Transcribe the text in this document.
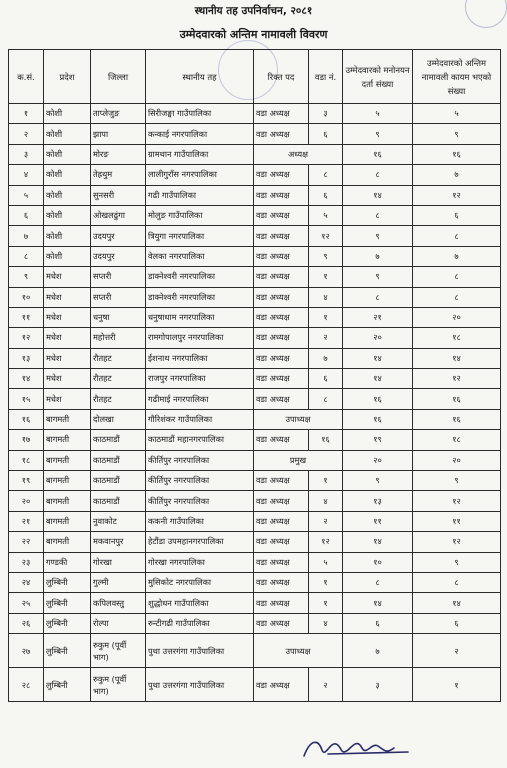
स्थानीय तह उपनिर्वाचन, २०८१
उम्मेदवारको अन्तिम नामावली विवरण
क.सं.	प्रदेश	जिल्ला	स्थानीय तह	रिक्त पद	वडा नं.	उम्मेदवारको मनोनयन दर्ता संख्या	उम्मेदवारको अन्तिम नामावली कायम भएको संख्या
१	कोशी	ताप्लेजुङ	सिरीजङ्घा गाउँपालिका	वडा अध्यक्ष	३	५	५
२	कोशी	झापा	कन्काई नगरपालिका	वडा अध्यक्ष	६	९	९
३	कोशी	मोरङ	ग्रामथान गाउँपालिका	अध्यक्ष		१६	१६
४	कोशी	तेह्रथुम	लालीगुराँस नगरपालिका	वडा अध्यक्ष	८	८	७
५	कोशी	सुनसरी	गढी गाउँपालिका	वडा अध्यक्ष	६	१४	१२
६	कोशी	ओखलढुंगा	मोलुङ गाउँपालिका	वडा अध्यक्ष	५	८	६
७	कोशी	उदयपुर	त्रियुगा नगरपालिका	वडा अध्यक्ष	१२	९	८
८	कोशी	उदयपुर	वेलका नगरपालिका	वडा अध्यक्ष	९	७	७
९	मधेश	सप्तरी	डाक्नेश्वरी नगरपालिका	वडा अध्यक्ष	१	९	८
१०	मधेश	सप्तरी	डाक्नेश्वरी नगरपालिका	वडा अध्यक्ष	४	८	८
११	मधेश	धनुषा	धनुषाधाम नगरपालिका	वडा अध्यक्ष	१	२१	२०
१२	मधेश	महोत्तरी	रामगोपालपुर नगरपालिका	वडा अध्यक्ष	२	२०	१८
१३	मधेश	रौतहट	ईशनाथ नगरपालिका	वडा अध्यक्ष	७	१४	१४
१४	मधेश	रौतहट	राजपुर नगरपालिका	वडा अध्यक्ष	६	१४	१२
१५	मधेश	रौतहट	गढीमाई नगरपालिका	वडा अध्यक्ष	८	१६	१६
१६	बागमती	दोलखा	गौरिशंकर गाउँपालिका	उपाध्यक्ष		१६	१६
१७	बागमती	काठमाडौं	काठमाडौं महानगरपालिका	वडा अध्यक्ष	१६	१९	१८
१८	बागमती	काठमाडौं	कीर्तिपुर नगरपालिका	प्रमुख		२०	२०
१९	बागमती	काठमाडौं	कीर्तिपुर नगरपालिका	वडा अध्यक्ष	१	९	९
२०	बागमती	काठमाडौं	कीर्तिपुर नगरपालिका	वडा अध्यक्ष	४	१३	१२
२१	बागमती	नुवाकोट	ककनी गाउँपालिका	वडा अध्यक्ष	२	११	११
२२	बागमती	मकवानपुर	हेटौंडा उपमहानगरपालिका	वडा अध्यक्ष	१२	१४	१२
२३	गण्डकी	गोरखा	गोरखा नगरपालिका	वडा अध्यक्ष	५	१०	९
२४	लुम्बिनी	गुल्मी	मुसिकोट नगरपालिका	वडा अध्यक्ष	१	८	८
२५	लुम्बिनी	कपिलवस्तु	शुद्धोधन गाउँपालिका	वडा अध्यक्ष	१	१४	१४
२६	लुम्बिनी	रोल्पा	रुन्टीगढी गाउँपालिका	वडा अध्यक्ष	४	६	६
२७	लुम्बिनी	रुकुम (पूर्वी भाग)	पुथा उत्तरगंगा गाउँपालिका	उपाध्यक्ष		७	२
२८	लुम्बिनी	रुकुम (पूर्वी भाग)	पुथा उत्तरगंगा गाउँपालिका	वडा अध्यक्ष	२	३	१
